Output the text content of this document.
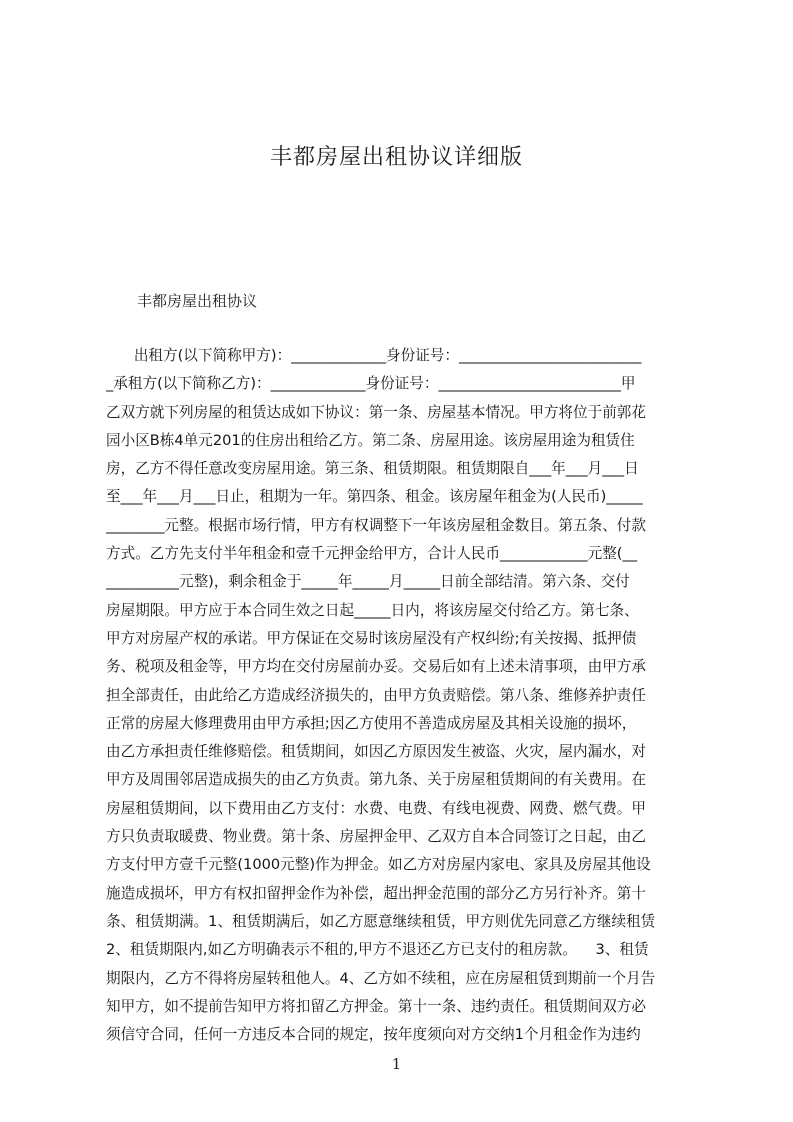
丰都房屋出租协议详细版
丰都房屋出租协议
出租方(以下简称甲方)：_____________身份证号：_________________________
_承租方(以下简称乙方)：_____________身份证号：_________________________甲
乙双方就下列房屋的租赁达成如下协议：第一条、房屋基本情况。甲方将位于前郭花
园小区B栋4单元201的住房出租给乙方。第二条、房屋用途。该房屋用途为租赁住
房，乙方不得任意改变房屋用途。第三条、租赁期限。租赁期限自___年___月___日
至___年___月___日止，租期为一年。第四条、租金。该房屋年租金为(人民币)_____
________元整。根据市场行情，甲方有权调整下一年该房屋租金数目。第五条、付款
方式。乙方先支付半年租金和壹千元押金给甲方，合计人民币____________元整(__
__________元整)，剩余租金于_____年_____月_____日前全部结清。第六条、交付
房屋期限。甲方应于本合同生效之日起_____日内，将该房屋交付给乙方。第七条、
甲方对房屋产权的承诺。甲方保证在交易时该房屋没有产权纠纷;有关按揭、抵押债
务、税项及租金等，甲方均在交付房屋前办妥。交易后如有上述未清事项，由甲方承
担全部责任，由此给乙方造成经济损失的，由甲方负责赔偿。第八条、维修养护责任
正常的房屋大修理费用由甲方承担;因乙方使用不善造成房屋及其相关设施的损坏，
由乙方承担责任维修赔偿。租赁期间，如因乙方原因发生被盗、火灾，屋内漏水，对
甲方及周围邻居造成损失的由乙方负责。第九条、关于房屋租赁期间的有关费用。在
房屋租赁期间，以下费用由乙方支付：水费、电费、有线电视费、网费、燃气费。甲
方只负责取暖费、物业费。第十条、房屋押金甲、乙双方自本合同签订之日起，由乙
方支付甲方壹千元整(1000元整)作为押金。如乙方对房屋内家电、家具及房屋其他设
施造成损坏，甲方有权扣留押金作为补偿，超出押金范围的部分乙方另行补齐。第十
条、租赁期满。1、租赁期满后，如乙方愿意继续租赁，甲方则优先同意乙方继续租赁
2、租赁期限内,如乙方明确表示不租的,甲方不退还乙方已支付的租房款。    3、租赁
期限内，乙方不得将房屋转租他人。4、乙方如不续租，应在房屋租赁到期前一个月告
知甲方，如不提前告知甲方将扣留乙方押金。第十一条、违约责任。租赁期间双方必
须信守合同，任何一方违反本合同的规定，按年度须向对方交纳1个月租金作为违约
1
